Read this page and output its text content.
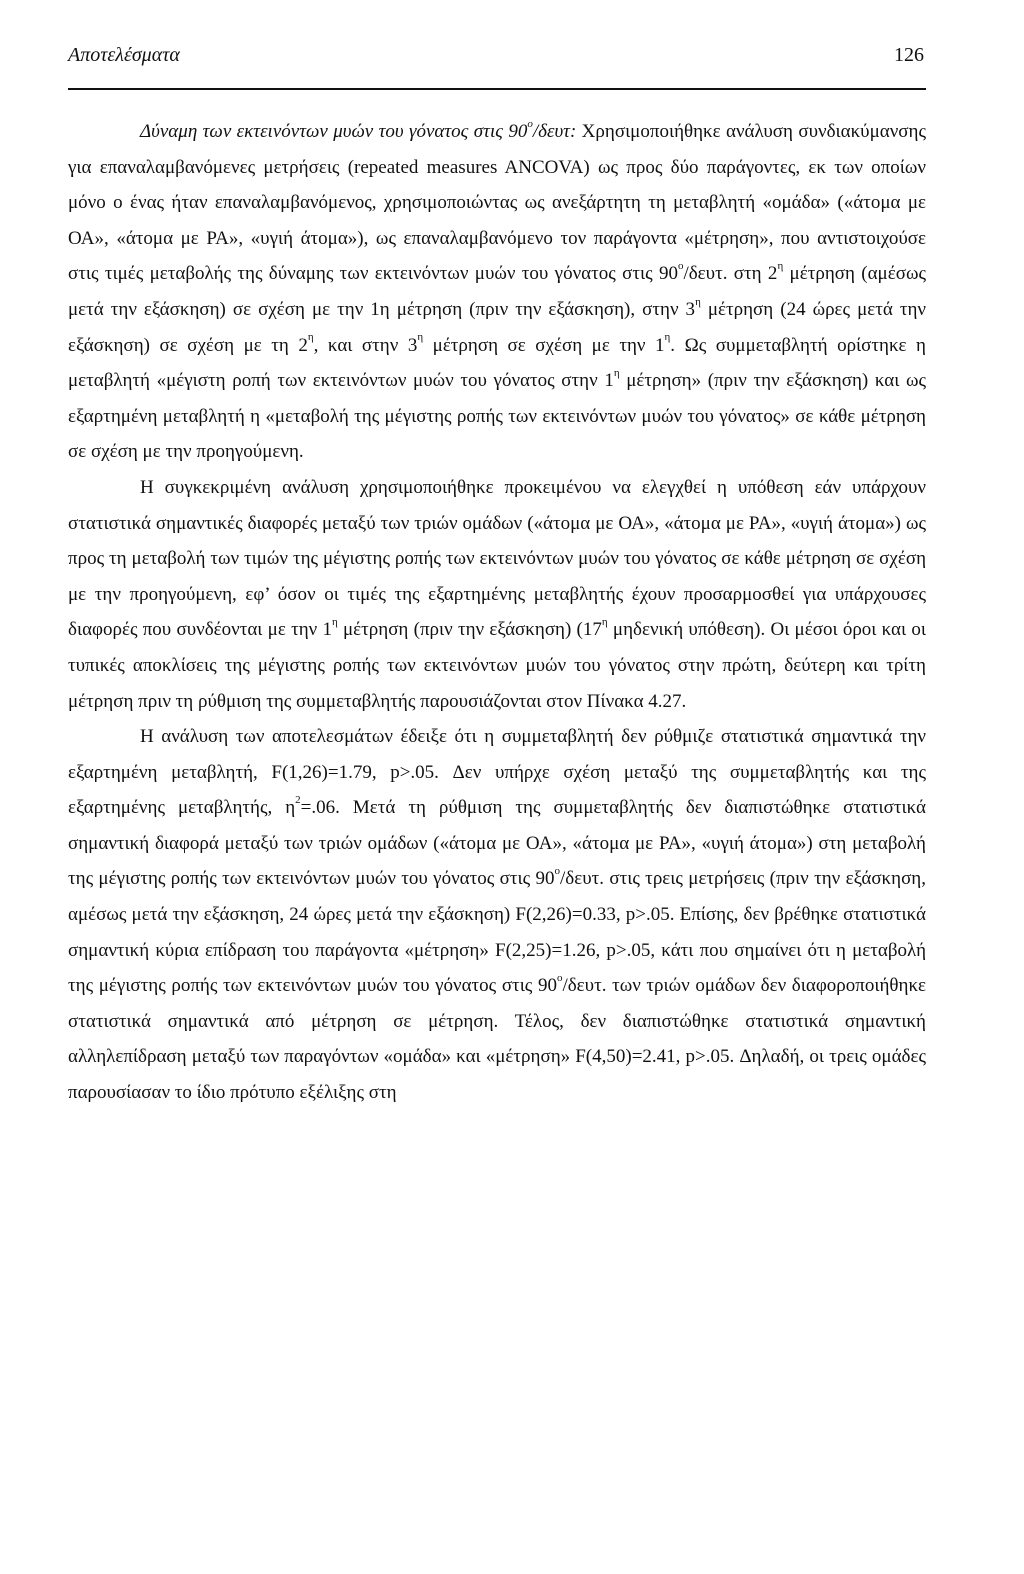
Αποτελέσματα	126

Δύναμη των εκτεινόντων μυών του γόνατος στις $90^o$/δευτ: Χρησιμοποιήθηκε ανάλυση συνδιακύμανσης για επαναλαμβανόμενες μετρήσεις (repeated measures ANCOVA) ως προς δύο παράγοντες, εκ των οποίων μόνο ο ένας ήταν επαναλαμβανόμενος, χρησιμοποιώντας ως ανεξάρτητη τη μεταβλητή «ομάδα» («άτομα με ΟΑ», «άτομα με ΡΑ», «υγιή άτομα»), ως επαναλαμβανόμενο τον παράγοντα «μέτρηση», που αντιστοιχούσε στις τιμές μεταβολής της δύναμης των εκτεινόντων μυών του γόνατος στις $90^o$/δευτ. στη $2^\eta$ μέτρηση (αμέσως μετά την εξάσκηση) σε σχέση με την 1η μέτρηση (πριν την εξάσκηση), στην $3^\eta$ μέτρηση (24 ώρες μετά την εξάσκηση) σε σχέση με τη $2^\eta$, και στην $3^\eta$ μέτρηση σε σχέση με την $1^\eta$. Ως συμμεταβλητή ορίστηκε η μεταβλητή «μέγιστη ροπή των εκτεινόντων μυών του γόνατος στην $1^\eta$ μέτρηση» (πριν την εξάσκηση) και ως εξαρτημένη μεταβλητή η «μεταβολή της μέγιστης ροπής των εκτεινόντων μυών του γόνατος» σε κάθε μέτρηση σε σχέση με την προηγούμενη.

Η συγκεκριμένη ανάλυση χρησιμοποιήθηκε προκειμένου να ελεγχθεί η υπόθεση εάν υπάρχουν στατιστικά σημαντικές διαφορές μεταξύ των τριών ομάδων («άτομα με ΟΑ», «άτομα με ΡΑ», «υγιή άτομα») ως προς τη μεταβολή των τιμών της μέγιστης ροπής των εκτεινόντων μυών του γόνατος σε κάθε μέτρηση σε σχέση με την προηγούμενη, εφ’ όσον οι τιμές της εξαρτημένης μεταβλητής έχουν προσαρμοσθεί για υπάρχουσες διαφορές που συνδέονται με την $1^\eta$ μέτρηση (πριν την εξάσκηση) ($17^\eta$ μηδενική υπόθεση). Οι μέσοι όροι και οι τυπικές αποκλίσεις της μέγιστης ροπής των εκτεινόντων μυών του γόνατος στην πρώτη, δεύτερη και τρίτη μέτρηση πριν τη ρύθμιση της συμμεταβλητής παρουσιάζονται στον Πίνακα 4.27.

Η ανάλυση των αποτελεσμάτων έδειξε ότι η συμμεταβλητή δεν ρύθμιζε στατιστικά σημαντικά την εξαρτημένη μεταβλητή, F(1,26)=1.79, p>.05. Δεν υπήρχε σχέση μεταξύ της συμμεταβλητής και της εξαρτημένης μεταβλητής, $\eta^2=.06$. Μετά τη ρύθμιση της συμμεταβλητής δεν διαπιστώθηκε στατιστικά σημαντική διαφορά μεταξύ των τριών ομάδων («άτομα με ΟΑ», «άτομα με ΡΑ», «υγιή άτομα») στη μεταβολή της μέγιστης ροπής των εκτεινόντων μυών του γόνατος στις $90^o$/δευτ. στις τρεις μετρήσεις (πριν την εξάσκηση, αμέσως μετά την εξάσκηση, 24 ώρες μετά την εξάσκηση) F(2,26)=0.33, p>.05. Επίσης, δεν βρέθηκε στατιστικά σημαντική κύρια επίδραση του παράγοντα «μέτρηση» F(2,25)=1.26, p>.05, κάτι που σημαίνει ότι η μεταβολή της μέγιστης ροπής των εκτεινόντων μυών του γόνατος στις $90^o$/δευτ. των τριών ομάδων δεν διαφοροποιήθηκε στατιστικά σημαντικά από μέτρηση σε μέτρηση. Τέλος, δεν διαπιστώθηκε στατιστικά σημαντική αλληλεπίδραση μεταξύ των παραγόντων «ομάδα» και «μέτρηση» F(4,50)=2.41, p>.05. Δηλαδή, οι τρεις ομάδες παρουσίασαν το ίδιο πρότυπο εξέλιξης στη
